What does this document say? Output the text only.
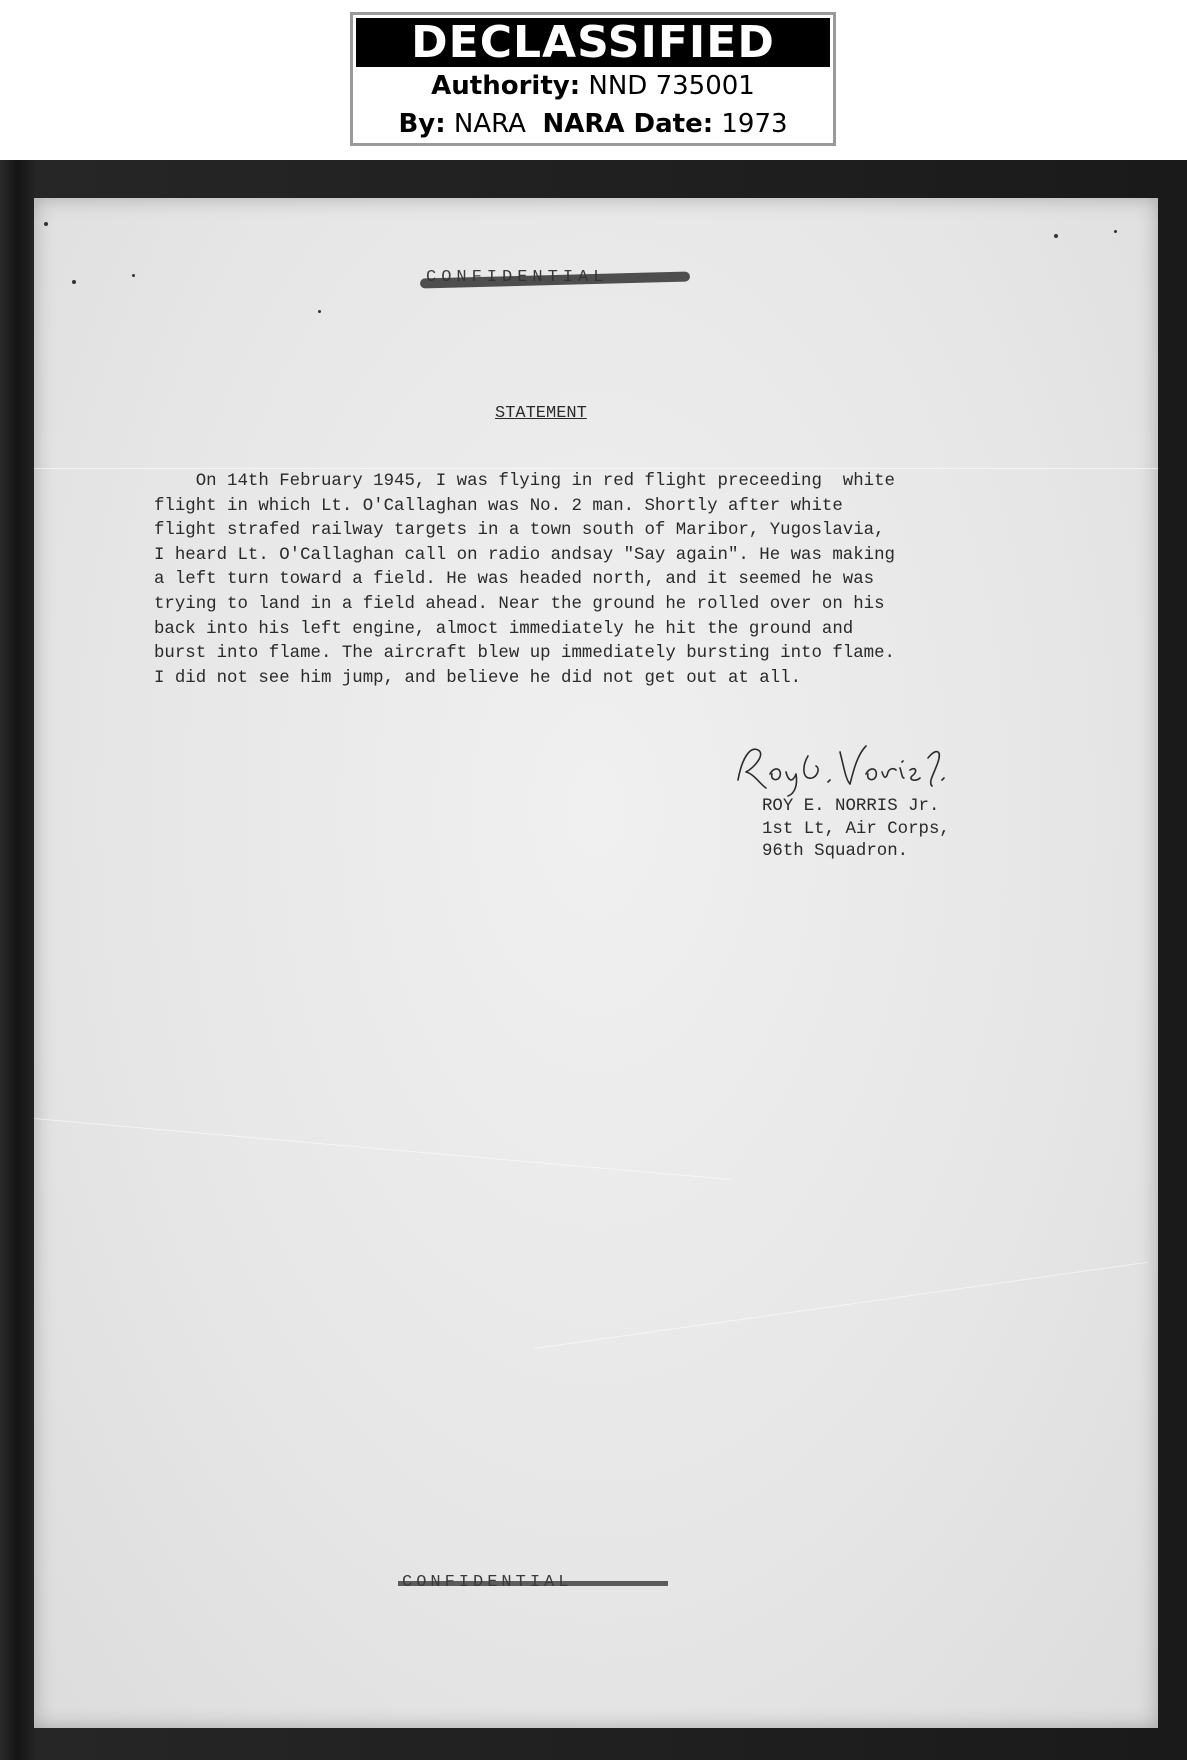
DECLASSIFIED
Authority: NND 735001
By: NARA NARA Date: 1973
STATEMENT
On 14th February 1945, I was flying in red flight preceeding  white
flight in which Lt. O'Callaghan was No. 2 man. Shortly after white
flight strafed railway targets in a town south of Maribor, Yugoslavia,
I heard Lt. O'Callaghan call on radio andsay "Say again". He was making
a left turn toward a field. He was headed north, and it seemed he was
trying to land in a field ahead. Near the ground he rolled over on his
back into his left engine, almoct immediately he hit the ground and
burst into flame. The aircraft blew up immediately bursting into flame.
I did not see him jump, and believe he did not get out at all.
ROY E. NORRIS Jr.
1st Lt, Air Corps,
96th Squadron.
